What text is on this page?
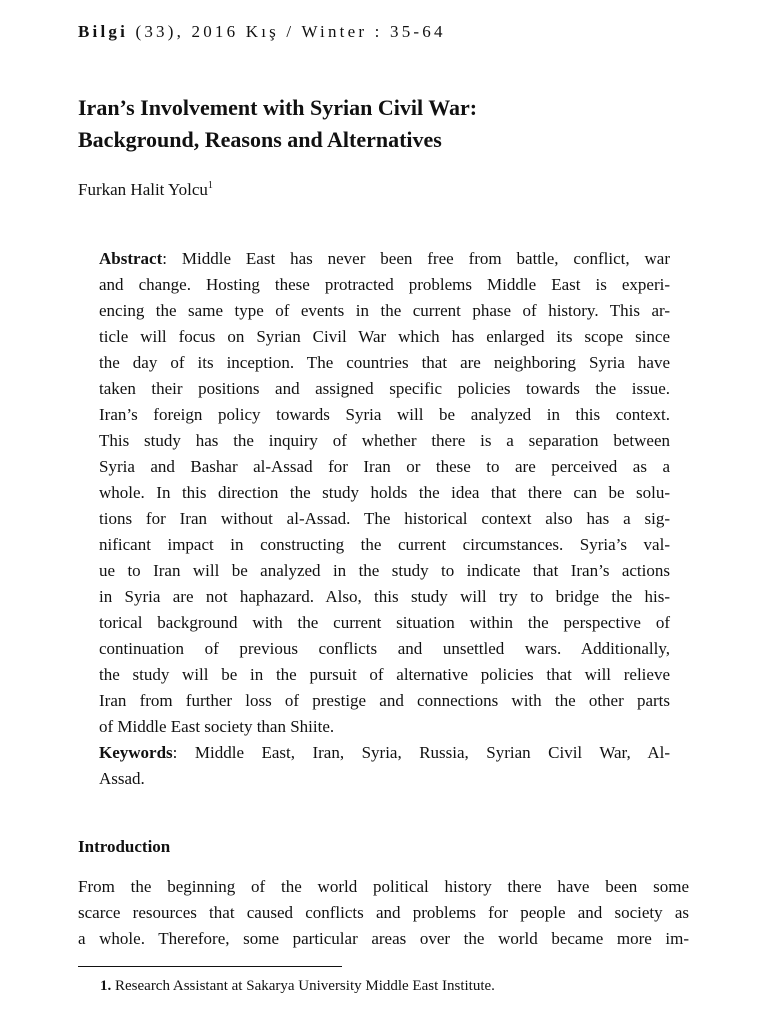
Bilgi (33), 2016 Kış / Winter : 35-64
Iran’s Involvement with Syrian Civil War:
Background, Reasons and Alternatives
Furkan Halit Yolcu$^1$
Abstract: Middle East has never been free from battle, conflict, war
and change. Hosting these protracted problems Middle East is experi-
encing the same type of events in the current phase of history. This ar-
ticle will focus on Syrian Civil War which has enlarged its scope since
the day of its inception. The countries that are neighboring Syria have
taken their positions and assigned specific policies towards the issue.
Iran’s foreign policy towards Syria will be analyzed in this context.
This study has the inquiry of whether there is a separation between
Syria and Bashar al-Assad for Iran or these to are perceived as a
whole. In this direction the study holds the idea that there can be solu-
tions for Iran without al-Assad. The historical context also has a sig-
nificant impact in constructing the current circumstances. Syria’s val-
ue to Iran will be analyzed in the study to indicate that Iran’s actions
in Syria are not haphazard. Also, this study will try to bridge the his-
torical background with the current situation within the perspective of
continuation of previous conflicts and unsettled wars. Additionally,
the study will be in the pursuit of alternative policies that will relieve
Iran from further loss of prestige and connections with the other parts
of Middle East society than Shiite.

Keywords: Middle East, Iran, Syria, Russia, Syrian Civil War, Al-
Assad.

Introduction

From the beginning of the world political history there have been some
scarce resources that caused conflicts and problems for people and society as
a whole. Therefore, some particular areas over the world became more im-

1. Research Assistant at Sakarya University Middle East Institute.
